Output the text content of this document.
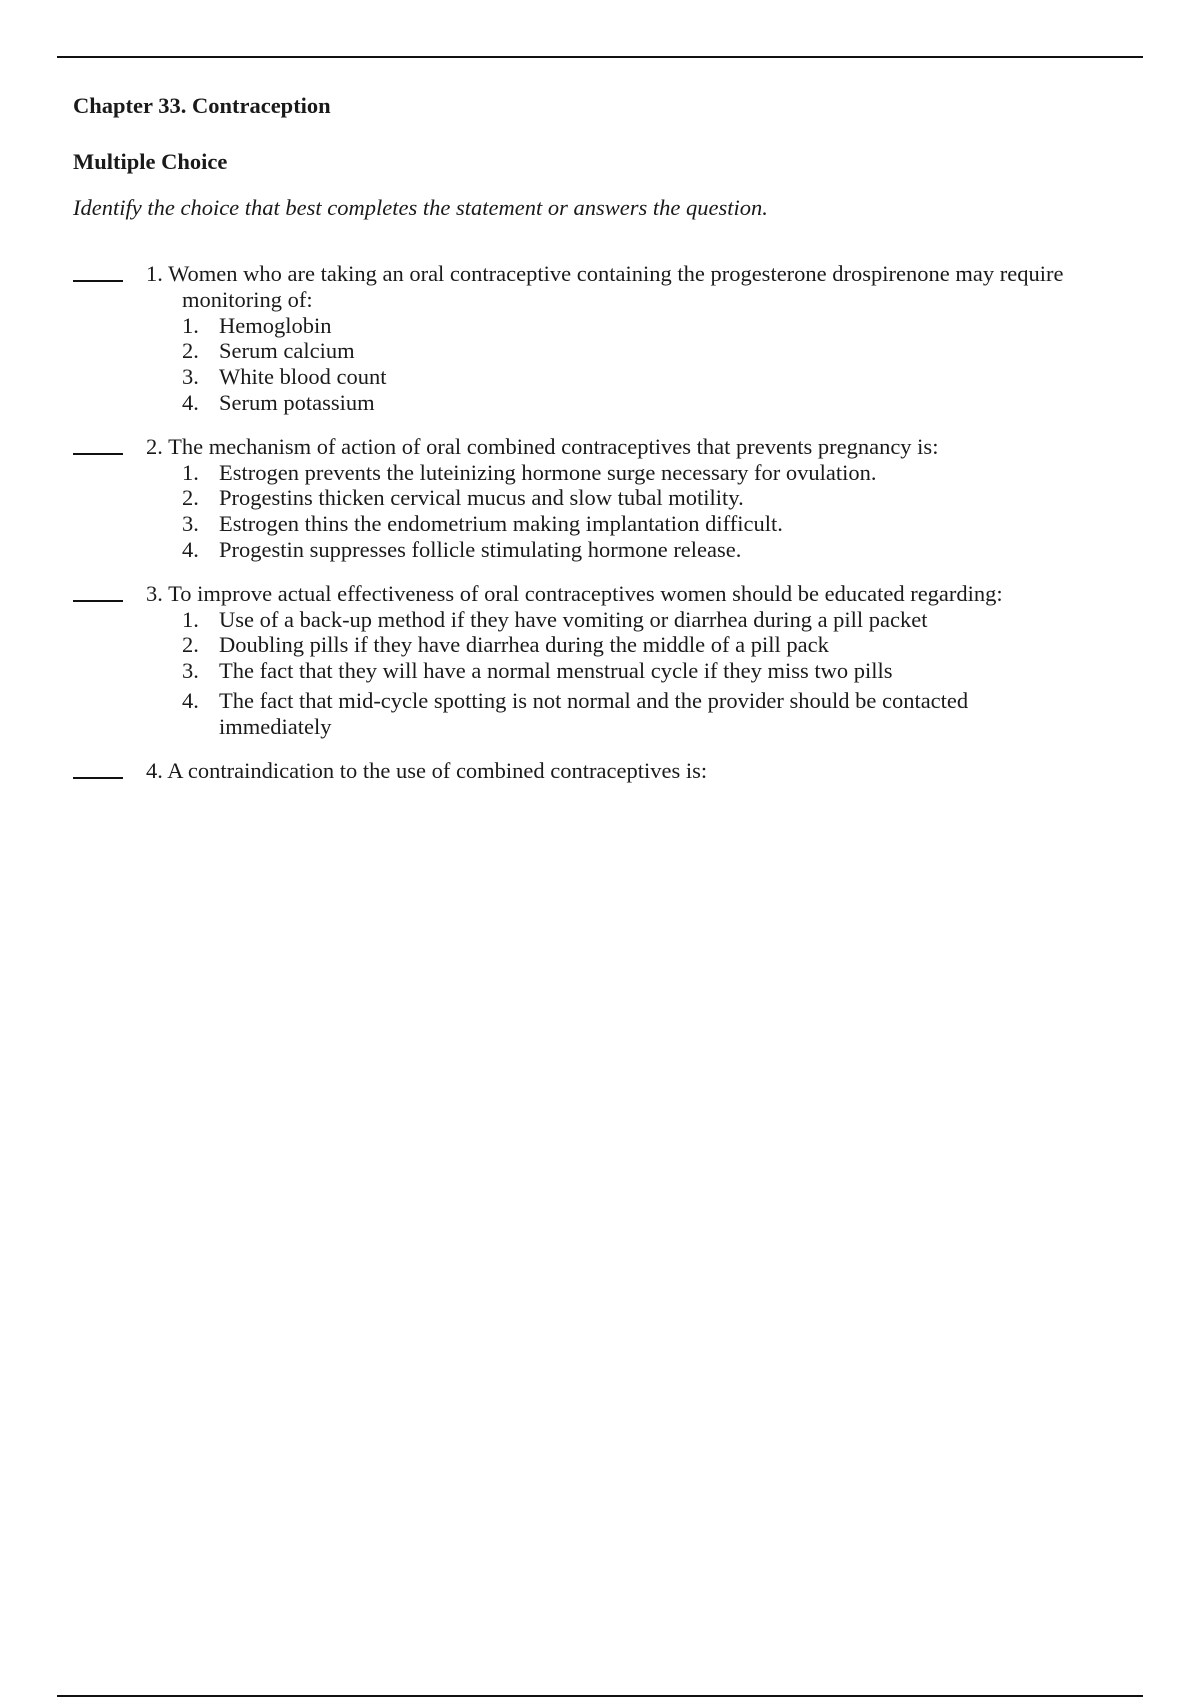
Chapter 33. Contraception
Multiple Choice

Identify the choice that best completes the statement or answers the question.

1. Women who are taking an oral contraceptive containing the progesterone drospirenone may require monitoring of:
1. Hemoglobin
2. Serum calcium
3. White blood count
4. Serum potassium
2. The mechanism of action of oral combined contraceptives that prevents pregnancy is:
1. Estrogen prevents the luteinizing hormone surge necessary for ovulation.
2. Progestins thicken cervical mucus and slow tubal motility.
3. Estrogen thins the endometrium making implantation difficult.
4. Progestin suppresses follicle stimulating hormone release.
3. To improve actual effectiveness of oral contraceptives women should be educated regarding:
1. Use of a back-up method if they have vomiting or diarrhea during a pill packet
2. Doubling pills if they have diarrhea during the middle of a pill pack
3. The fact that they will have a normal menstrual cycle if they miss two pills
4. The fact that mid-cycle spotting is not normal and the provider should be contacted immediately
4. A contraindication to the use of combined contraceptives is:
